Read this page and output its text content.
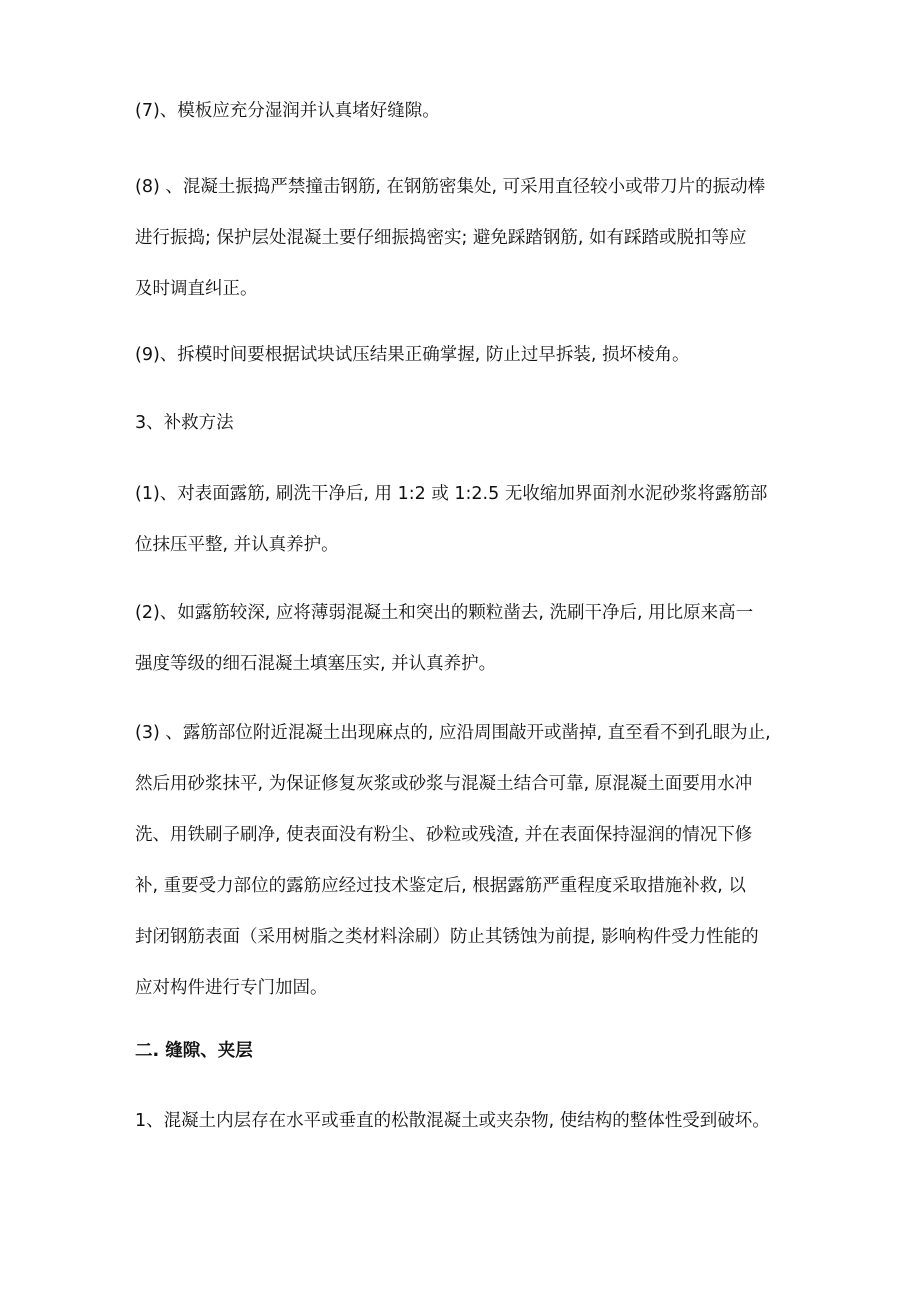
(7)、模板应充分湿润并认真堵好缝隙。

(8) 、混凝土振捣严禁撞击钢筋, 在钢筋密集处, 可采用直径较小或带刀片的振动棒
进行振捣; 保护层处混凝土要仔细振捣密实; 避免踩踏钢筋, 如有踩踏或脱扣等应
及时调直纠正。

(9)、拆模时间要根据试块试压结果正确掌握, 防止过早拆装, 损坏棱角。

3、补救方法

(1)、对表面露筋, 刷洗干净后, 用 1:2 或 1:2.5 无收缩加界面剂水泥砂浆将露筋部
位抹压平整, 并认真养护。

(2)、如露筋较深, 应将薄弱混凝土和突出的颗粒凿去, 洗刷干净后, 用比原来高一
强度等级的细石混凝土填塞压实, 并认真养护。

(3) 、露筋部位附近混凝土出现麻点的, 应沿周围敲开或凿掉, 直至看不到孔眼为止,
然后用砂浆抹平, 为保证修复灰浆或砂浆与混凝土结合可靠, 原混凝土面要用水冲
洗、用铁刷子刷净, 使表面没有粉尘、砂粒或残渣, 并在表面保持湿润的情况下修
补, 重要受力部位的露筋应经过技术鉴定后, 根据露筋严重程度采取措施补救, 以
封闭钢筋表面（采用树脂之类材料涂刷）防止其锈蚀为前提, 影响构件受力性能的
应对构件进行专门加固。

二. 缝隙、夹层

1、混凝土内层存在水平或垂直的松散混凝土或夹杂物, 使结构的整体性受到破坏。
